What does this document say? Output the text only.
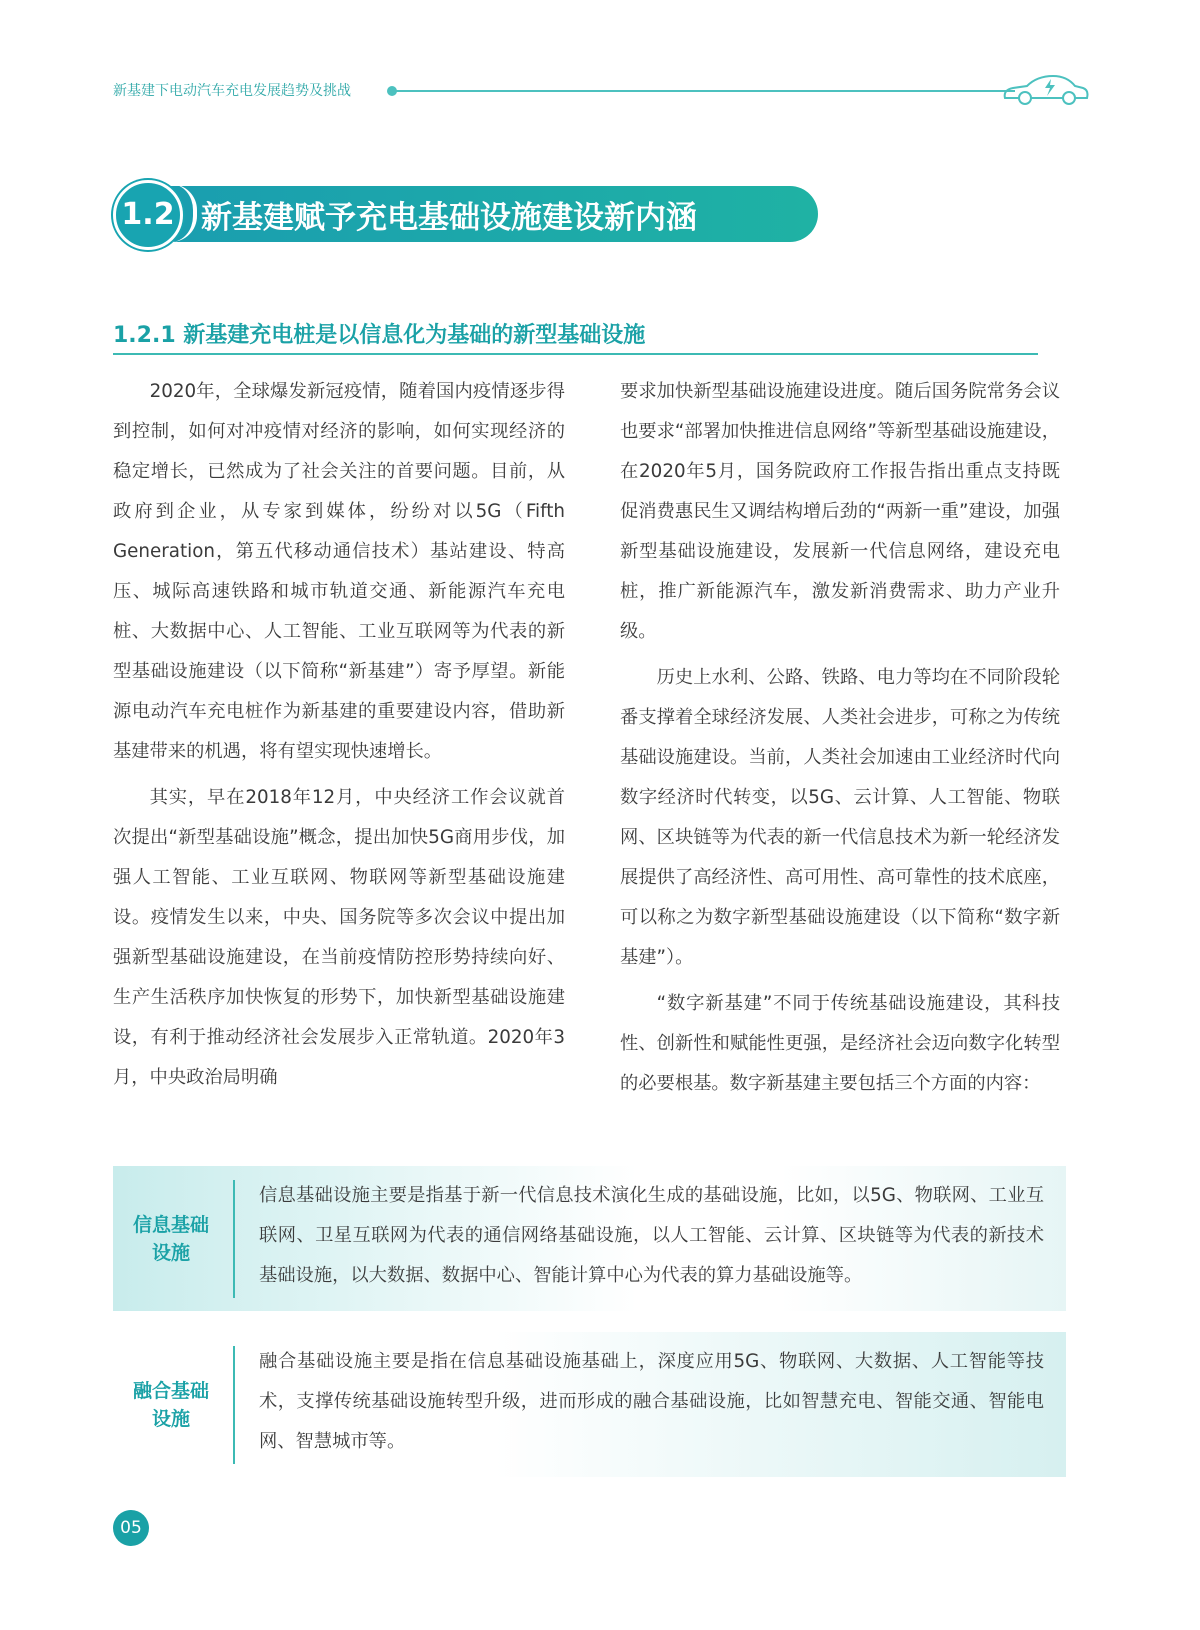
新基建下电动汽车充电发展趋势及挑战
1.2 新基建赋予充电基础设施建设新内涵
1.2.1 新基建充电桩是以信息化为基础的新型基础设施

2020年，全球爆发新冠疫情，随着国内疫情逐步得到控制，如何对冲疫情对经济的影响，如何实现经济的稳定增长，已然成为了社会关注的首要问题。目前，从政府到企业，从专家到媒体，纷纷对以5G（Fifth Generation，第五代移动通信技术）基站建设、特高压、城际高速铁路和城市轨道交通、新能源汽车充电桩、大数据中心、人工智能、工业互联网等为代表的新型基础设施建设（以下简称“新基建”）寄予厚望。新能源电动汽车充电桩作为新基建的重要建设内容，借助新基建带来的机遇，将有望实现快速增长。

其实，早在2018年12月，中央经济工作会议就首次提出“新型基础设施”概念，提出加快5G商用步伐，加强人工智能、工业互联网、物联网等新型基础设施建设。疫情发生以来，中央、国务院等多次会议中提出加强新型基础设施建设，在当前疫情防控形势持续向好、生产生活秩序加快恢复的形势下，加快新型基础设施建设，有利于推动经济社会发展步入正常轨道。2020年3月，中央政治局明确

要求加快新型基础设施建设进度。随后国务院常务会议也要求“部署加快推进信息网络”等新型基础设施建设，在2020年5月，国务院政府工作报告指出重点支持既促消费惠民生又调结构增后劲的“两新一重”建设，加强新型基础设施建设，发展新一代信息网络，建设充电桩，推广新能源汽车，激发新消费需求、助力产业升级。

历史上水利、公路、铁路、电力等均在不同阶段轮番支撑着全球经济发展、人类社会进步，可称之为传统基础设施建设。当前，人类社会加速由工业经济时代向数字经济时代转变，以5G、云计算、人工智能、物联网、区块链等为代表的新一代信息技术为新一轮经济发展提供了高经济性、高可用性、高可靠性的技术底座，可以称之为数字新型基础设施建设（以下简称“数字新基建”）。

“数字新基建”不同于传统基础设施建设，其科技性、创新性和赋能性更强，是经济社会迈向数字化转型的必要根基。数字新基建主要包括三个方面的内容：

信息基础设施
信息基础设施主要是指基于新一代信息技术演化生成的基础设施，比如，以5G、物联网、工业互联网、卫星互联网为代表的通信网络基础设施，以人工智能、云计算、区块链等为代表的新技术基础设施，以大数据、数据中心、智能计算中心为代表的算力基础设施等。
融合基础设施
融合基础设施主要是指在信息基础设施基础上，深度应用5G、物联网、大数据、人工智能等技术，支撑传统基础设施转型升级，进而形成的融合基础设施，比如智慧充电、智能交通、智能电网、智慧城市等。
05
